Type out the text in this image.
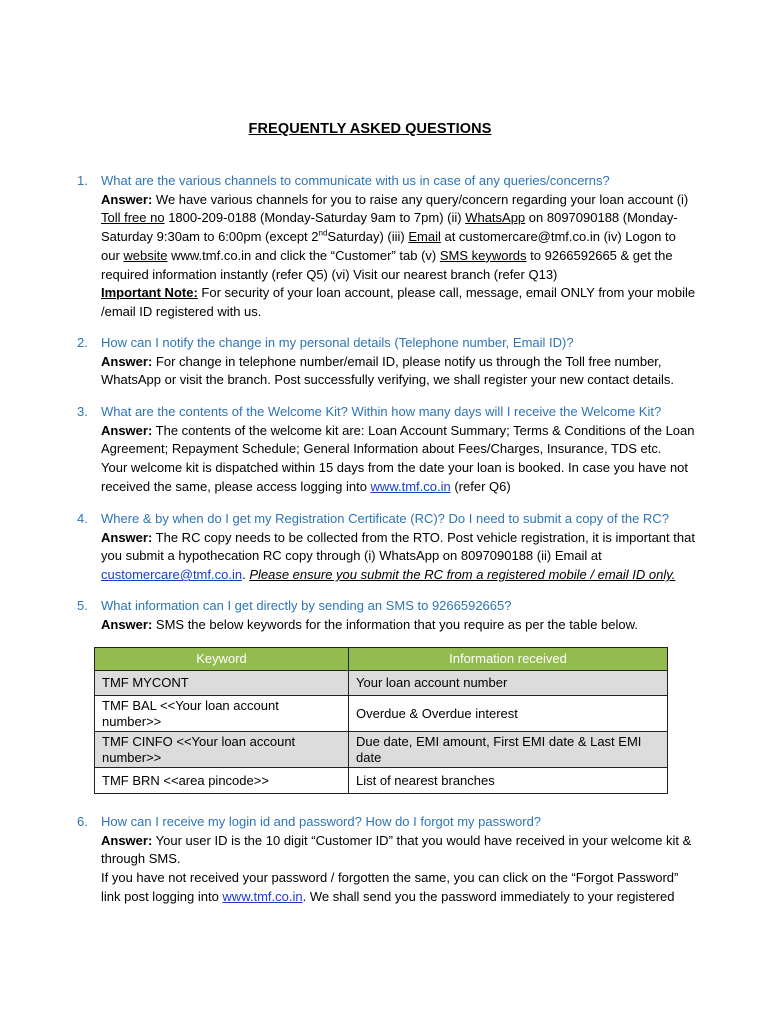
FREQUENTLY ASKED QUESTIONS
1.	What are the various channels to communicate with us in case of any queries/concerns?
Answer: We have various channels for you to raise any query/concern regarding your loan account (i)
Toll free no 1800-209-0188 (Monday-Saturday 9am to 7pm) (ii) WhatsApp on 8097090188 (Monday-
Saturday 9:30am to 6:00pm (except 2ndSaturday) (iii) Email at customercare@tmf.co.in (iv) Logon to
our website www.tmf.co.in and click the “Customer” tab (v) SMS keywords to 9266592665 & get the
required information instantly (refer Q5) (vi) Visit our nearest branch (refer Q13)
Important Note: For security of your loan account, please call, message, email ONLY from your mobile
/email ID registered with us.
2.	How can I notify the change in my personal details (Telephone number, Email ID)?
Answer: For change in telephone number/email ID, please notify us through the Toll free number,
WhatsApp or visit the branch. Post successfully verifying, we shall register your new contact details.
3.	What are the contents of the Welcome Kit? Within how many days will I receive the Welcome Kit?
Answer: The contents of the welcome kit are: Loan Account Summary; Terms & Conditions of the Loan
Agreement; Repayment Schedule; General Information about Fees/Charges, Insurance, TDS etc.
Your welcome kit is dispatched within 15 days from the date your loan is booked. In case you have not
received the same, please access logging into www.tmf.co.in (refer Q6)
4.	Where & by when do I get my Registration Certificate (RC)? Do I need to submit a copy of the RC?
Answer: The RC copy needs to be collected from the RTO. Post vehicle registration, it is important that
you submit a hypothecation RC copy through (i) WhatsApp on 8097090188 (ii) Email at
customercare@tmf.co.in. Please ensure you submit the RC from a registered mobile / email ID only.
5.	What information can I get directly by sending an SMS to 9266592665?
Answer: SMS the below keywords for the information that you require as per the table below.
Keyword	Information received
TMF MYCONT	Your loan account number
TMF BAL <<Your loan account number>>	Overdue & Overdue interest
TMF CINFO <<Your loan account number>>	Due date, EMI amount, First EMI date & Last EMI date
TMF BRN <<area pincode>>	List of nearest branches
6.	How can I receive my login id and password? How do I forgot my password?
Answer: Your user ID is the 10 digit “Customer ID” that you would have received in your welcome kit &
through SMS.
If you have not received your password / forgotten the same, you can click on the “Forgot Password”
link post logging into www.tmf.co.in. We shall send you the password immediately to your registered
